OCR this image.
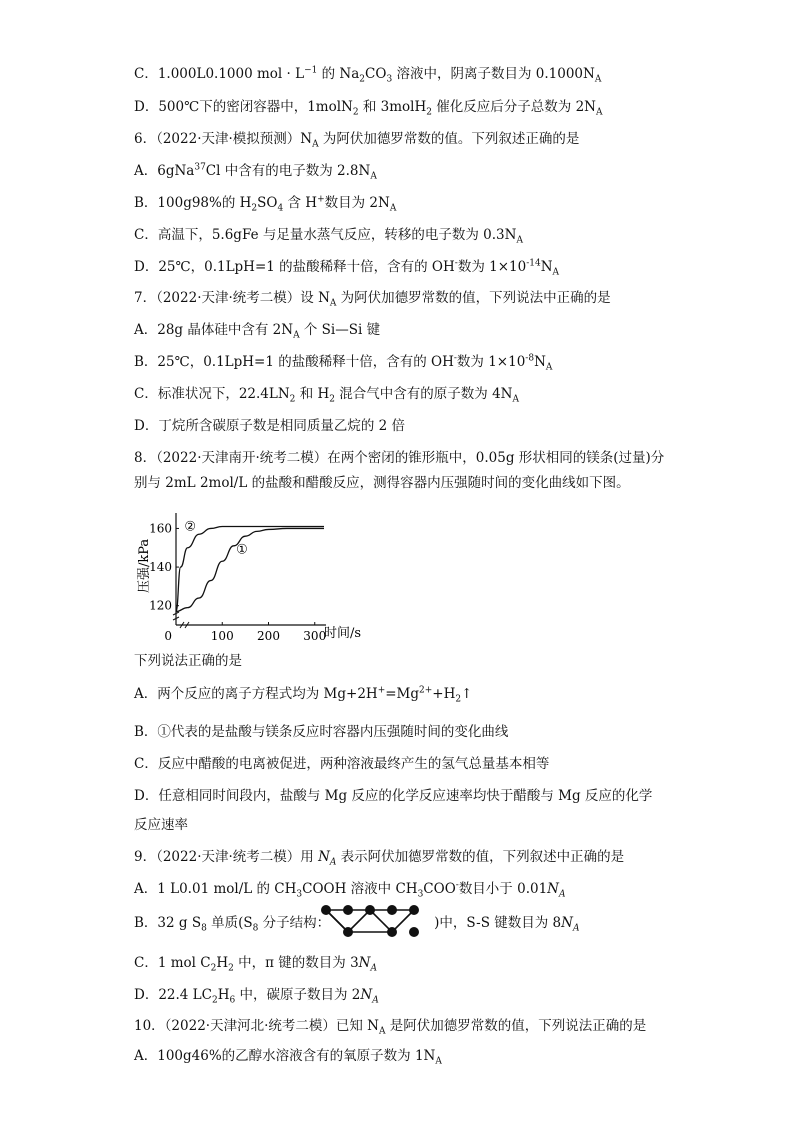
C．1.000L0.1000 mol · $L^{-1}$ 的 $Na_2CO_3$ 溶液中，阴离子数目为 $0.1000N_A$
D．500℃下的密闭容器中，1molN$_2$ 和 3molH$_2$ 催化反应后分子总数为 $2N_A$
6．（2022·天津·模拟预测）$N_A$ 为阿伏加德罗常数的值。下列叙述正确的是
A．6gNa$^{37}$Cl 中含有的电子数为 $2.8N_A$
B．100g98%的 $H_2SO_4$ 含 H+数目为 $2N_A$
C．高温下，5.6gFe 与足量水蒸气反应，转移的电子数为 $0.3N_A$
D．25℃，0.1LpH=1 的盐酸稀释十倍，含有的 OH-数为 $1\times 10^{-14}N_A$
7．（2022·天津·统考二模）设 $N_A$ 为阿伏加德罗常数的值，下列说法中正确的是
A．28g 晶体硅中含有 $2N_A$ 个 Si—Si 键
B．25℃，0.1LpH=1 的盐酸稀释十倍，含有的 OH-数为 $1\times 10^{-8}N_A$
C．标准状况下，$22.4LN_2$ 和 $H_2$ 混合气中含有的原子数为 $4N_A$
D．丁烷所含碳原子数是相同质量乙烷的 2 倍
8．（2022·天津南开·统考二模）在两个密闭的锥形瓶中，0.05g 形状相同的镁条(过量)分
别与 2mL 2mol/L 的盐酸和醋酸反应，测得容器内压强随时间的变化曲线如下图。
0	100 200 300
120
140
160
压强/kPa
时间/s
②
①
下列说法正确的是
A．两个反应的离子方程式均为 $Mg+2H^+=Mg^{2+}+H_2↑$
B．①代表的是盐酸与镁条反应时容器内压强随时间的变化曲线
C．反应中醋酸的电离被促进，两种溶液最终产生的氢气总量基本相等
D．任意相同时间段内，盐酸与 Mg 反应的化学反应速率均快于醋酸与 Mg 反应的化学
反应速率
9．（2022·天津·统考二模）用 $N_A$ 表示阿伏加德罗常数的值，下列叙述中正确的是
A．1 L0.01 mol/L 的 $CH_3COOH$ 溶液中 $CH_3COO^-$数目小于 $0.01N_A$
B．32 g $S_8$ 单质($S_8$ 分子结构：	)中，S-S 键数目为 $8N_A$
C．1 mol $C_2H_2$ 中，π 键的数目为 $3N_A$
D．22.4 $LC_2H_6$ 中，碳原子数目为 $2N_A$
10．（2022·天津河北·统考二模）已知 $N_A$ 是阿伏加德罗常数的值，下列说法正确的是
A．100g46%的乙醇水溶液含有的氧原子数为 $1N_A$
